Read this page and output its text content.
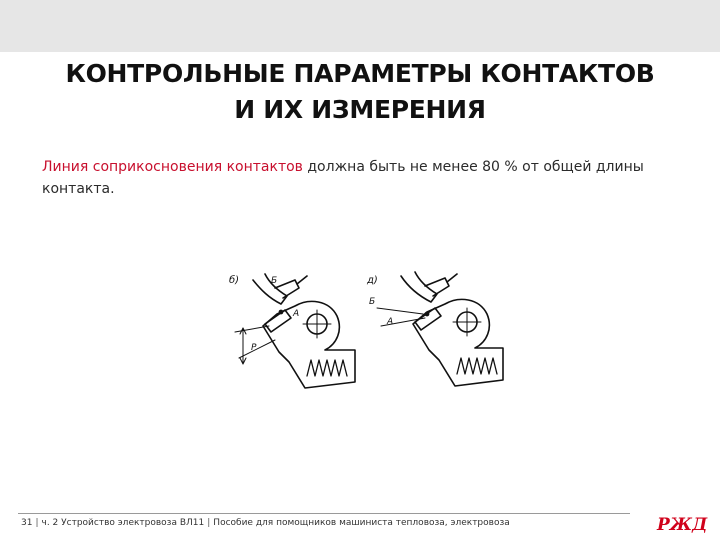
КОНТРОЛЬНЫЕ ПАРАМЕТРЫ КОНТАКТОВ
И ИХ ИЗМЕРЕНИЯ
Линия соприкосновения контактов должна быть не менее 80 % от общей длины контакта.
б)	Б
А
Р
д)
Б
А
31 | ч. 2 Устройство электровоза ВЛ11 | Пособие для помощников машиниста тепловоза, электровоза	РЖД
